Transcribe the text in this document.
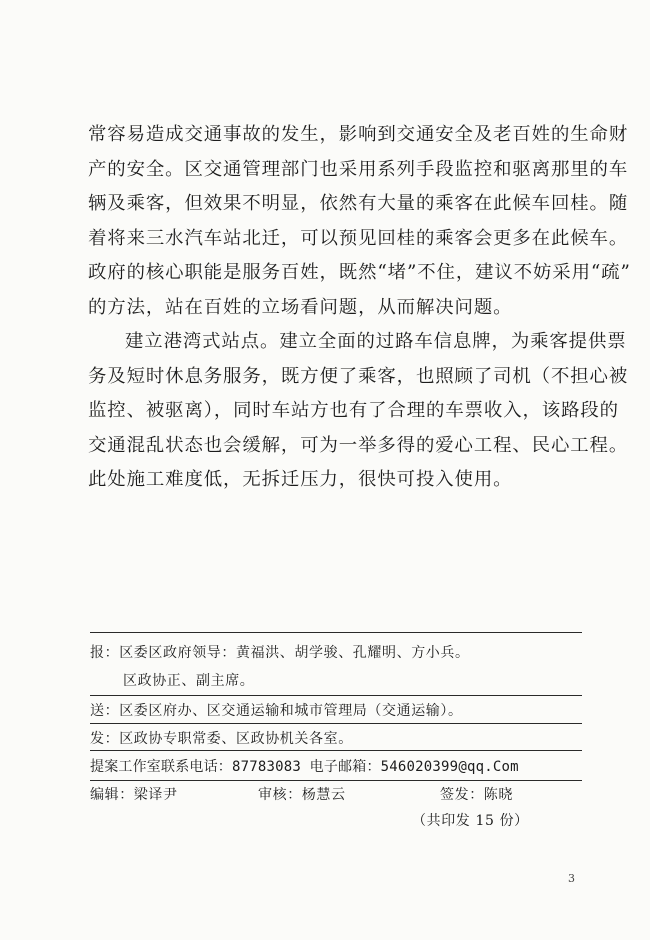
常容易造成交通事故的发生，影响到交通安全及老百姓的生命财
产的安全。区交通管理部门也采用系列手段监控和驱离那里的车
辆及乘客，但效果不明显，依然有大量的乘客在此候车回桂。随
着将来三水汽车站北迁，可以预见回桂的乘客会更多在此候车。
政府的核心职能是服务百姓，既然“堵”不住，建议不妨采用“疏”
的方法，站在百姓的立场看问题，从而解决问题。

建立港湾式站点。建立全面的过路车信息牌，为乘客提供票
务及短时休息务服务，既方便了乘客，也照顾了司机（不担心被
监控、被驱离），同时车站方也有了合理的车票收入，该路段的
交通混乱状态也会缓解，可为一举多得的爱心工程、民心工程。
此处施工难度低，无拆迁压力，很快可投入使用。

报：区委区政府领导：黄福洪、胡学骏、孔耀明、方小兵。
区政协正、副主席。
送：区委区府办、区交通运输和城市管理局（交通运输）。
发：区政协专职常委、区政协机关各室。
提案工作室联系电话：87783083 电子邮箱：546020399@qq.Com
编辑：梁译尹	审核：杨慧云	签发：陈晓
（共印发 15 份）
3
